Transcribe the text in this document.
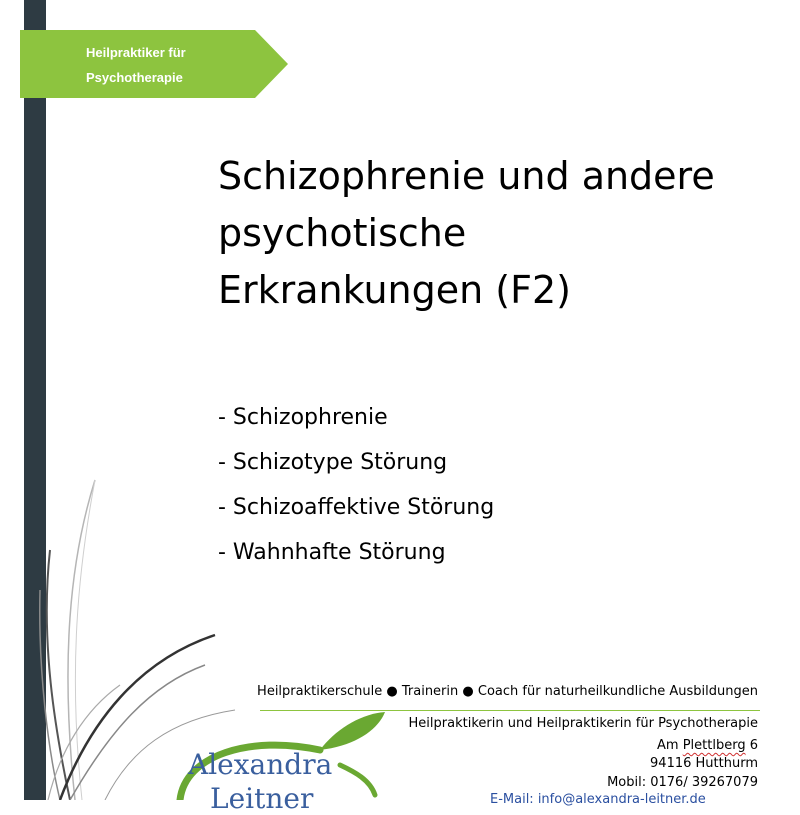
Heilpraktiker für
Psychotherapie
Schizophrenie und andere
psychotische
Erkrankungen (F2)
- Schizophrenie
- Schizotype Störung
- Schizoaffektive Störung
- Wahnhafte Störung
Heilpraktikerschule ● Trainerin ● Coach für naturheilkundliche Ausbildungen
Heilpraktikerin und Heilpraktikerin für Psychotherapie
Am Plettlberg 6
94116 Hutthurm
Mobil: 0176/ 39267079
E-Mail: info@alexandra-leitner.de
Alexandra
Leitner
